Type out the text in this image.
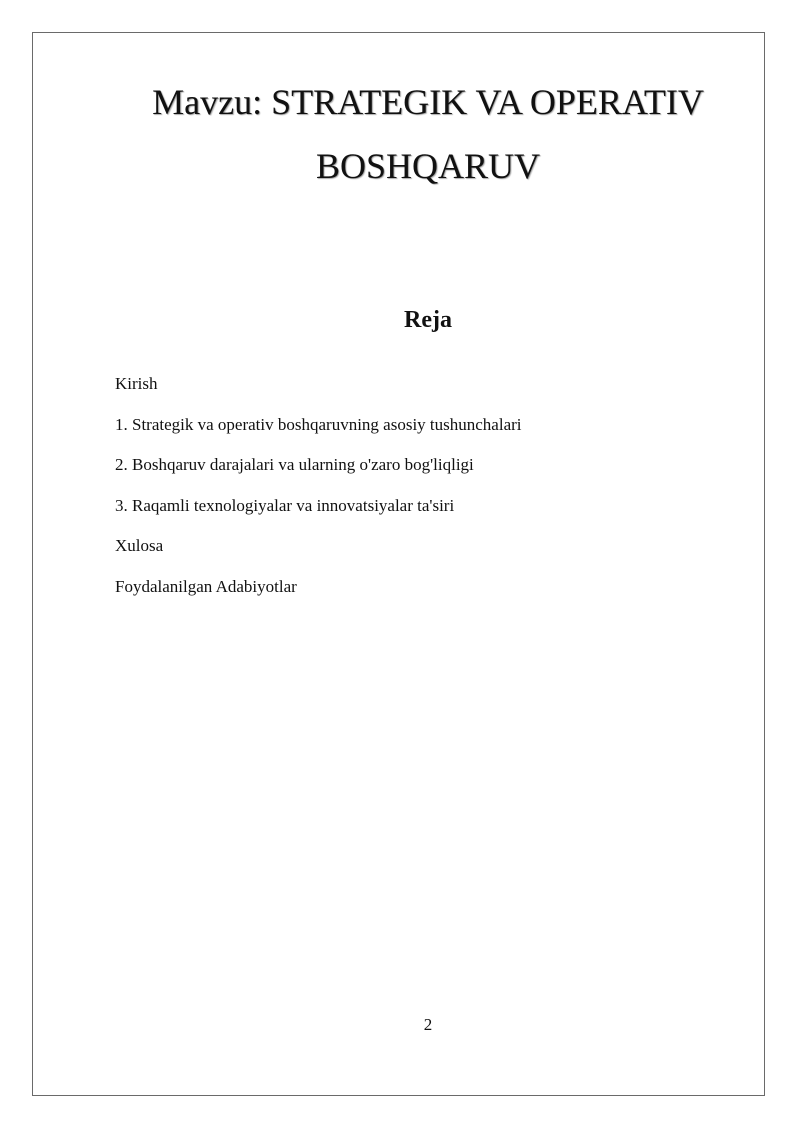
Mavzu: STRATEGIK VA OPERATIV
BOSHQARUV
Reja
Kirish
1. Strategik va operativ boshqaruvning asosiy tushunchalari
2. Boshqaruv darajalari va ularning o'zaro bog'liqligi
3. Raqamli texnologiyalar va innovatsiyalar ta'siri
Xulosa
Foydalanilgan Adabiyotlar
2
